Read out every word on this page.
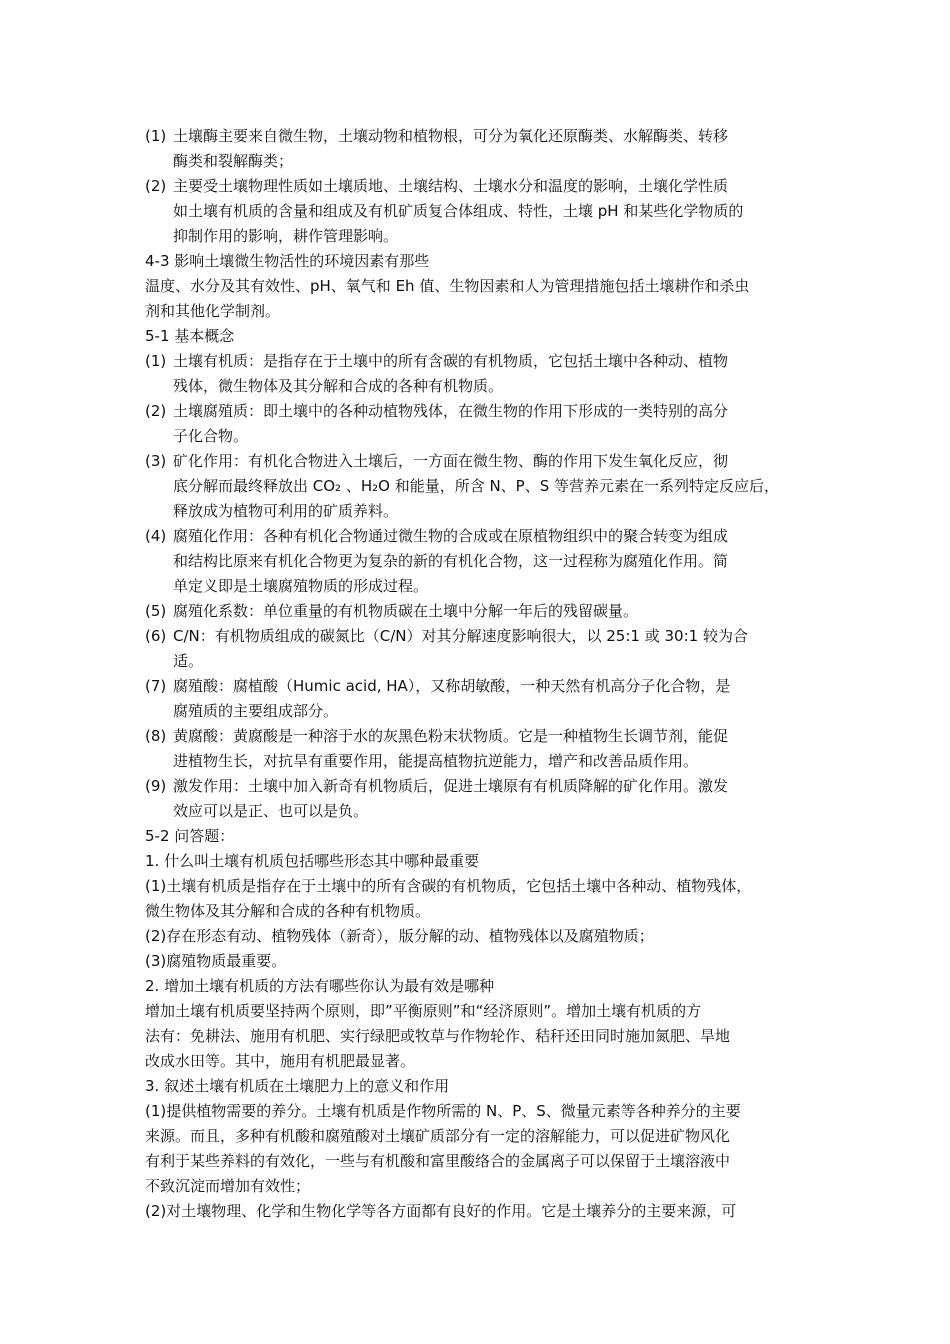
(1) 土壤酶主要来自微生物，土壤动物和植物根，可分为氧化还原酶类、水解酶类、转移
酶类和裂解酶类；
(2) 主要受土壤物理性质如土壤质地、土壤结构、土壤水分和温度的影响，土壤化学性质
如土壤有机质的含量和组成及有机矿质复合体组成、特性，土壤 pH 和某些化学物质的
抑制作用的影响，耕作管理影响。
4-3 影响土壤微生物活性的环境因素有那些
温度、水分及其有效性、pH、氧气和 Eh 值、生物因素和人为管理措施包括土壤耕作和杀虫
剂和其他化学制剂。
5-1 基本概念
(1) 土壤有机质：是指存在于土壤中的所有含碳的有机物质，它包括土壤中各种动、植物
残体，微生物体及其分解和合成的各种有机物质。
(2) 土壤腐殖质：即土壤中的各种动植物残体，在微生物的作用下形成的一类特别的高分
子化合物。
(3) 矿化作用：有机化合物进入土壤后，一方面在微生物、酶的作用下发生氧化反应，彻
底分解而最终释放出 CO₂ 、H₂O 和能量，所含 N、P、S 等营养元素在一系列特定反应后，
释放成为植物可利用的矿质养料。
(4) 腐殖化作用：各种有机化合物通过微生物的合成或在原植物组织中的聚合转变为组成
和结构比原来有机化合物更为复杂的新的有机化合物，这一过程称为腐殖化作用。简
单定义即是土壤腐殖物质的形成过程。
(5) 腐殖化系数：单位重量的有机物质碳在土壤中分解一年后的残留碳量。
(6) C/N：有机物质组成的碳氮比（C/N）对其分解速度影响很大，以 25:1 或 30:1 较为合
适。
(7) 腐殖酸：腐植酸（Humic acid, HA），又称胡敏酸，一种天然有机高分子化合物，是
腐殖质的主要组成部分。
(8) 黄腐酸：黄腐酸是一种溶于水的灰黑色粉末状物质。它是一种植物生长调节剂，能促
进植物生长，对抗旱有重要作用，能提高植物抗逆能力，增产和改善品质作用。
(9) 激发作用：土壤中加入新奇有机物质后，促进土壤原有有机质降解的矿化作用。激发
效应可以是正、也可以是负。
5-2 问答题：
1. 什么叫土壤有机质包括哪些形态其中哪种最重要
(1)土壤有机质是指存在于土壤中的所有含碳的有机物质，它包括土壤中各种动、植物残体，
微生物体及其分解和合成的各种有机物质。
(2)存在形态有动、植物残体（新奇），版分解的动、植物残体以及腐殖物质；
(3)腐殖物质最重要。
2. 增加土壤有机质的方法有哪些你认为最有效是哪种
增加土壤有机质要坚持两个原则，即”平衡原则”和“经济原则”。增加土壤有机质的方
法有：免耕法、施用有机肥、实行绿肥或牧草与作物轮作、秸秆还田同时施加氮肥、旱地
改成水田等。其中，施用有机肥最显著。
3. 叙述土壤有机质在土壤肥力上的意义和作用
(1)提供植物需要的养分。土壤有机质是作物所需的 N、P、S、微量元素等各种养分的主要
来源。而且，多种有机酸和腐殖酸对土壤矿质部分有一定的溶解能力，可以促进矿物风化
有利于某些养料的有效化，一些与有机酸和富里酸络合的金属离子可以保留于土壤溶液中
不致沉淀而增加有效性；
(2)对土壤物理、化学和生物化学等各方面都有良好的作用。它是土壤养分的主要来源，可
